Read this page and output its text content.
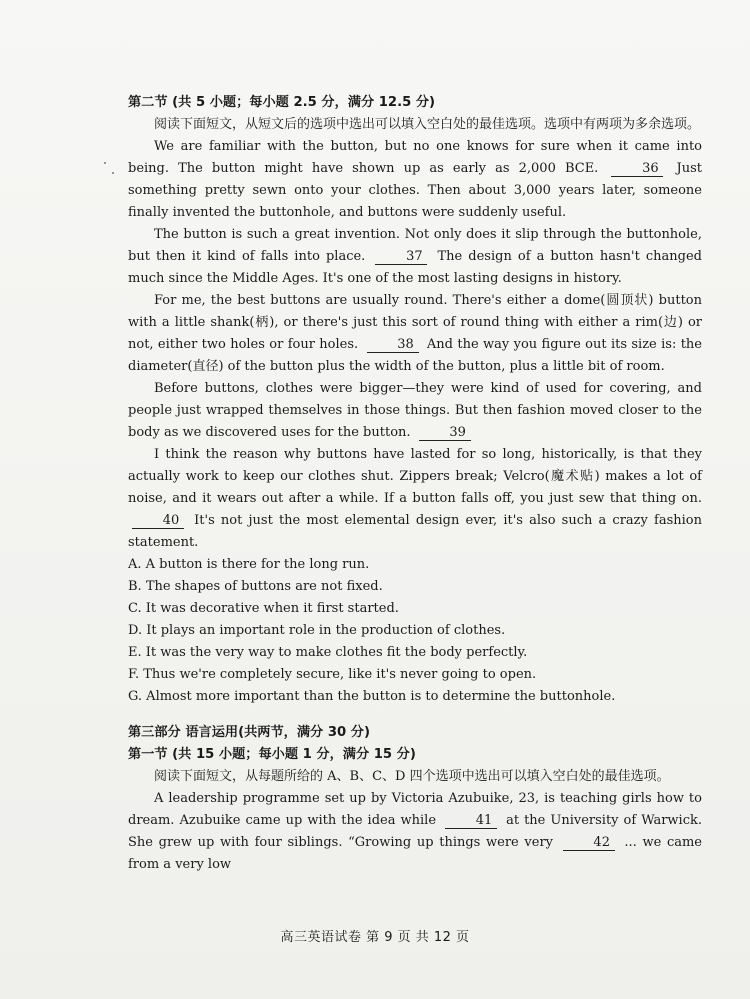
第二节 (共 5 小题；每小题 2.5 分，满分 12.5 分)

阅读下面短文，从短文后的选项中选出可以填入空白处的最佳选项。选项中有两项为多余选项。

We are familiar with the button, but no one knows for sure when it came into being. The button might have shown up as early as 2,000 BCE.	36 Just something pretty sewn onto your clothes. Then about 3,000 years later, someone finally invented the buttonhole, and buttons were suddenly useful.

The button is such a great invention. Not only does it slip through the buttonhole, but then it kind of falls into place.	37 The design of a button hasn't changed much since the Middle Ages. It's one of the most lasting designs in history.

For me, the best buttons are usually round. There's either a dome(圆顶状) button with a little shank(柄), or there's just this sort of round thing with either a rim(边) or not, either two holes or four holes.	38 And the way you figure out its size is: the diameter(直径) of the button plus the width of the button, plus a little bit of room.

Before buttons, clothes were bigger—they were kind of used for covering, and people just wrapped themselves in those things. But then fashion moved closer to the body as we discovered uses for the button.	39

I think the reason why buttons have lasted for so long, historically, is that they actually work to keep our clothes shut. Zippers break; Velcro(魔术贴) makes a lot of noise, and it wears out after a while. If a button falls off, you just sew that thing on. 40 It's not just the most elemental design ever, it's also such a crazy fashion statement.

A. A button is there for the long run.

B. The shapes of buttons are not fixed.

C. It was decorative when it first started.

D. It plays an important role in the production of clothes.

E. It was the very way to make clothes fit the body perfectly.

F. Thus we're completely secure, like it's never going to open.

G. Almost more important than the button is to determine the buttonhole.

第三部分 语言运用(共两节，满分 30 分)

第一节 (共 15 小题；每小题 1 分，满分 15 分)

阅读下面短文，从每题所给的 A、B、C、D 四个选项中选出可以填入空白处的最佳选项。

A leadership programme set up by Victoria Azubuike, 23, is teaching girls how to dream. Azubuike came up with the idea while	41 at the University of Warwick. She grew up with four siblings. “Growing up things were very	42 ... we came from a very low

高三英语试卷 第 9 页 共 12 页
